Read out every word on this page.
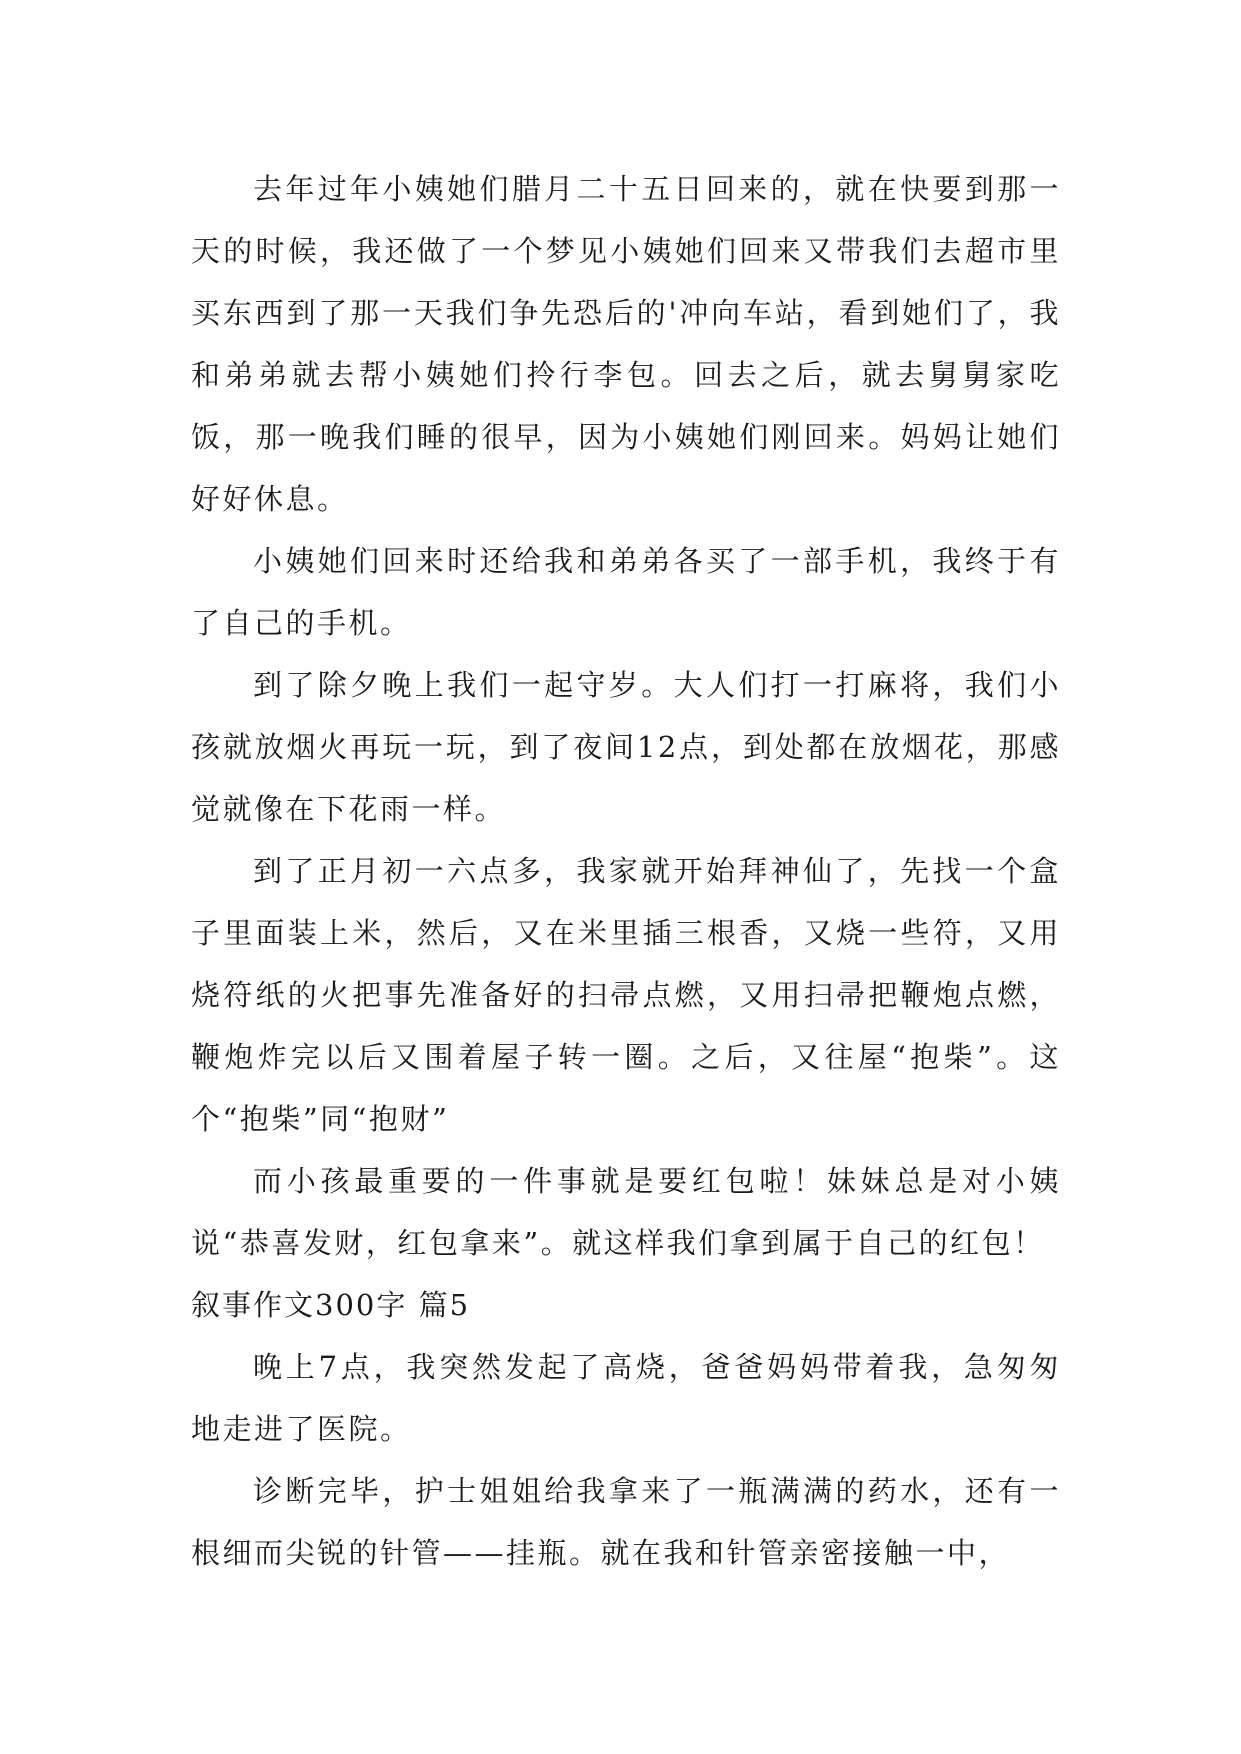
去年过年小姨她们腊月二十五日回来的，就在快要到那一天的时候，我还做了一个梦见小姨她们回来又带我们去超市里买东西到了那一天我们争先恐后的'冲向车站，看到她们了，我和弟弟就去帮小姨她们拎行李包。回去之后，就去舅舅家吃饭，那一晚我们睡的很早，因为小姨她们刚回来。妈妈让她们好好休息。

小姨她们回来时还给我和弟弟各买了一部手机，我终于有了自己的手机。

到了除夕晚上我们一起守岁。大人们打一打麻将，我们小孩就放烟火再玩一玩，到了夜间12点，到处都在放烟花，那感觉就像在下花雨一样。

到了正月初一六点多，我家就开始拜神仙了，先找一个盒子里面装上米，然后，又在米里插三根香，又烧一些符，又用烧符纸的火把事先准备好的扫帚点燃，又用扫帚把鞭炮点燃，鞭炮炸完以后又围着屋子转一圈。之后，又往屋“抱柴”。这个“抱柴”同“抱财”

而小孩最重要的一件事就是要红包啦！妹妹总是对小姨说“恭喜发财，红包拿来”。就这样我们拿到属于自己的红包！

叙事作文300字 篇5

晚上7点，我突然发起了高烧，爸爸妈妈带着我，急匆匆地走进了医院。

诊断完毕，护士姐姐给我拿来了一瓶满满的药水，还有一根细而尖锐的针管——挂瓶。就在我和针管亲密接触一中，
